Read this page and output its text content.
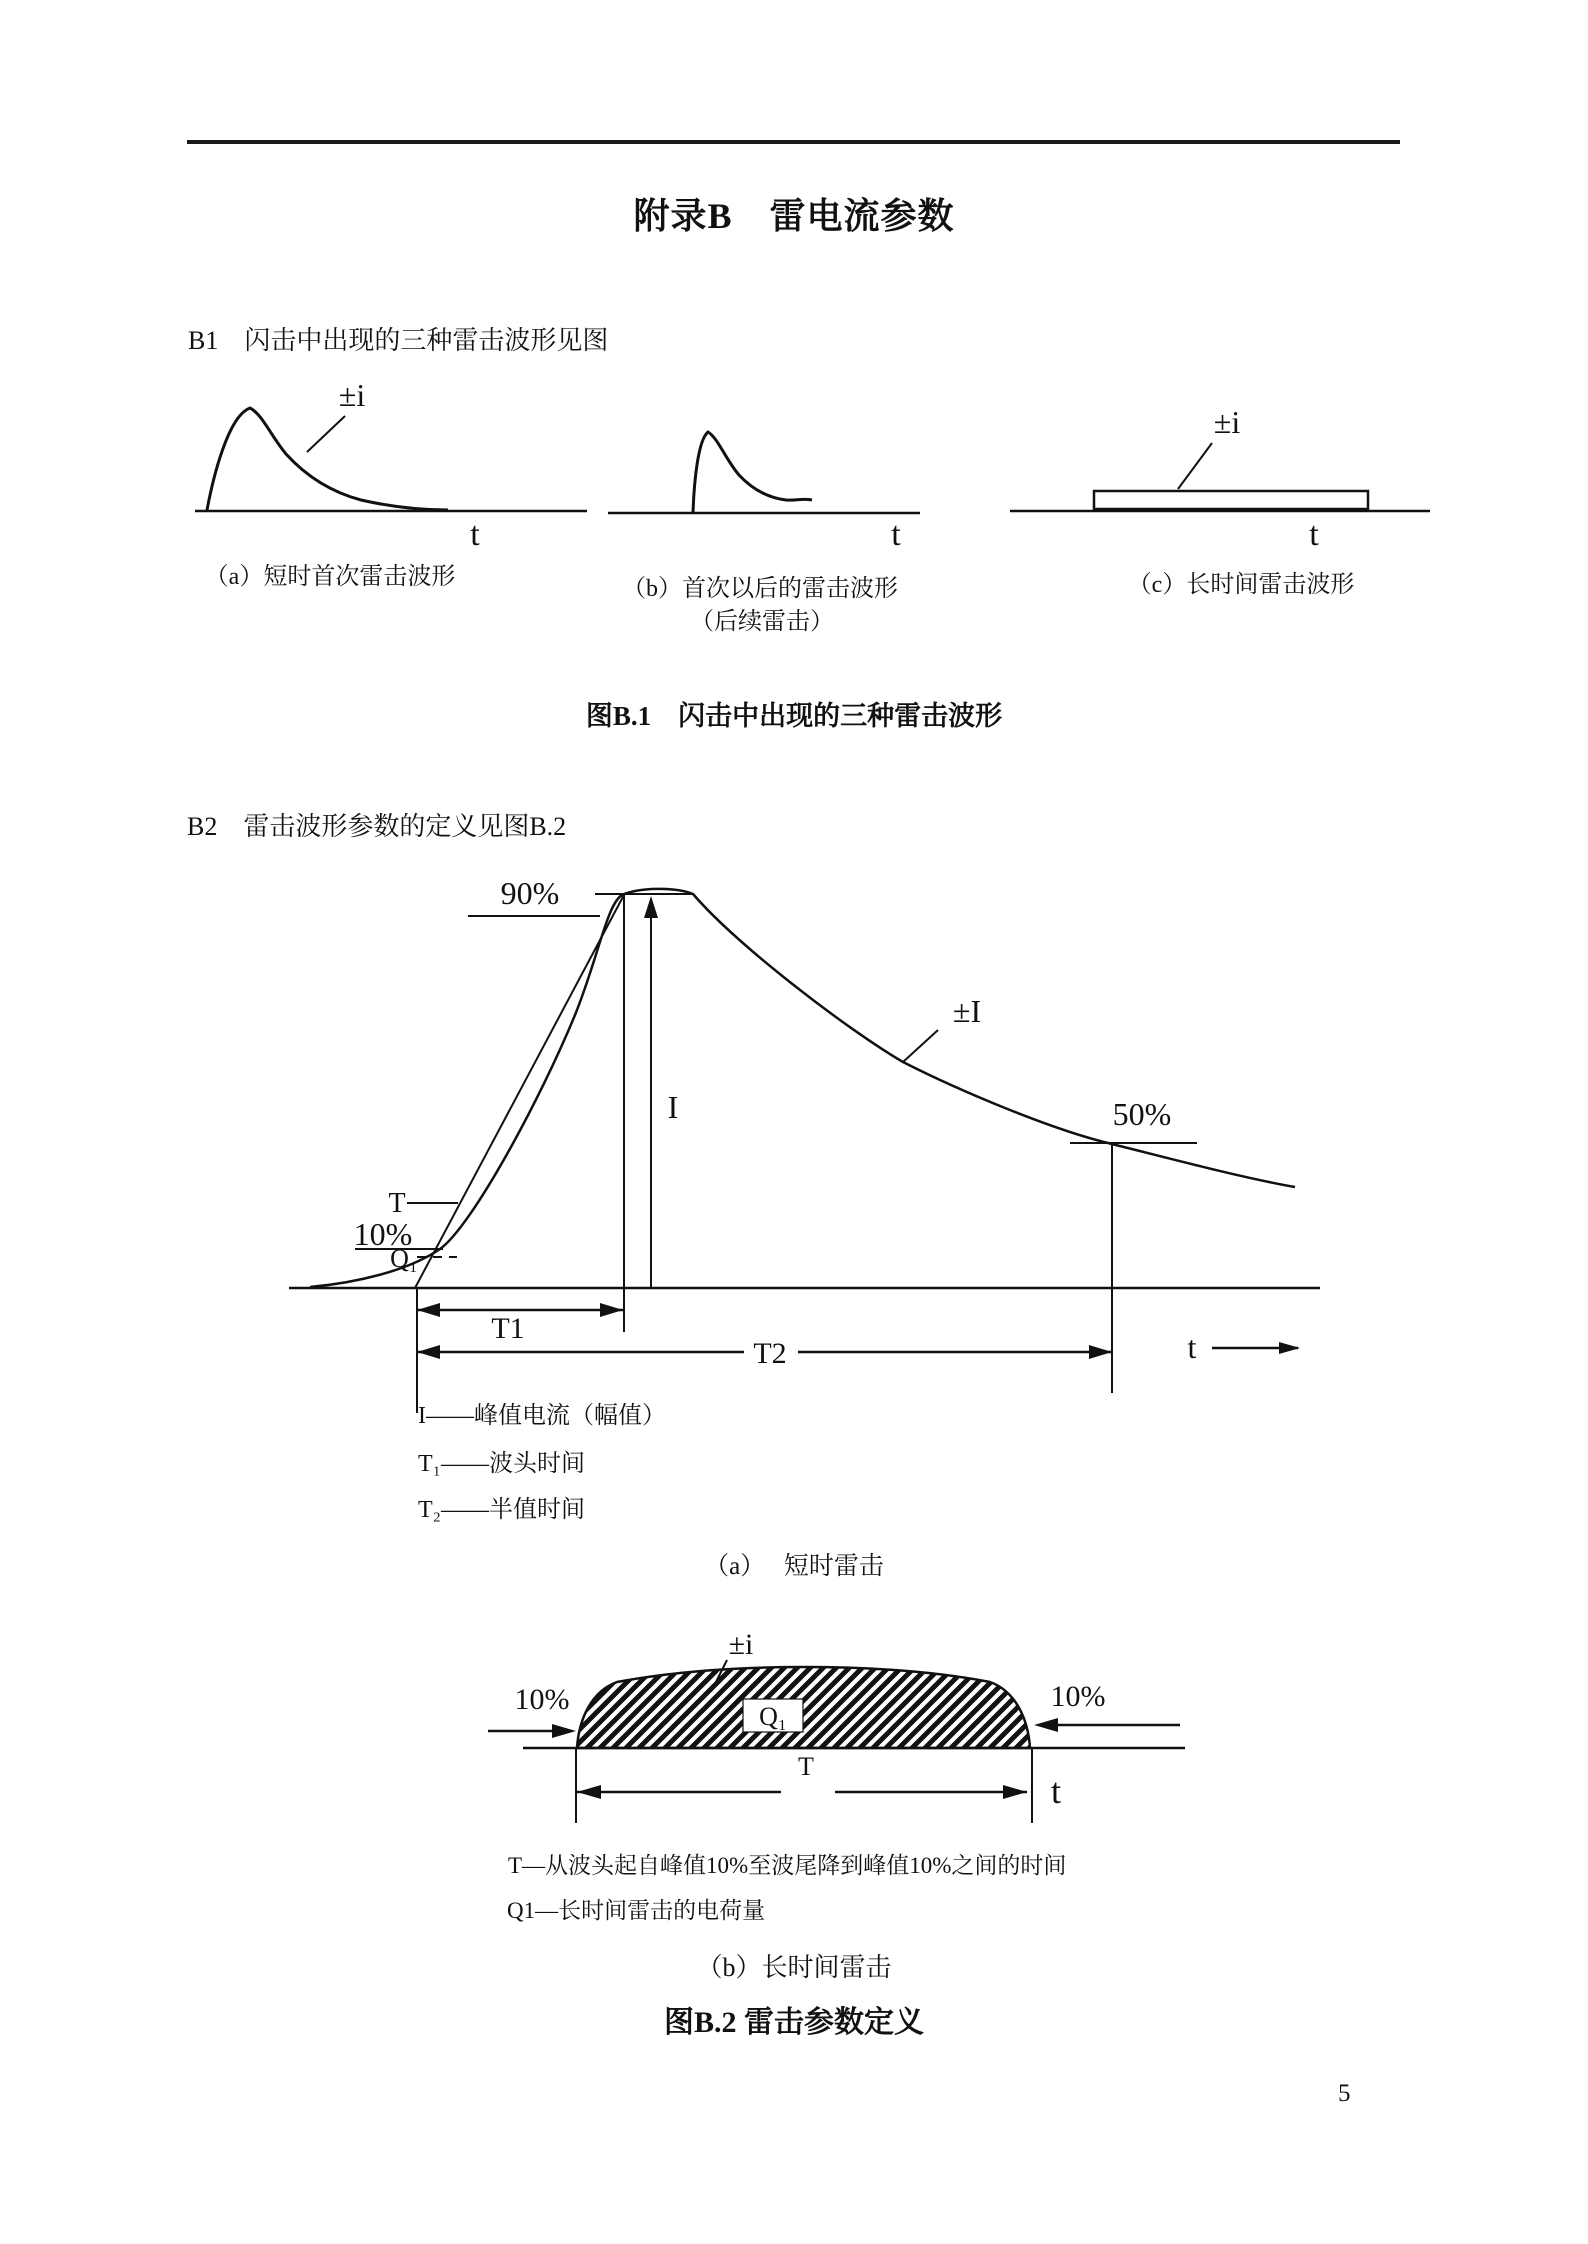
附录B　雷电流参数
B1　闪击中出现的三种雷击波形见图
±i
t
（a）短时首次雷击波形
t
（b）首次以后的雷击波形
（后续雷击）
±i
t
（c）长时间雷击波形
图B.1　闪击中出现的三种雷击波形
B2　雷击波形参数的定义见图B.2
90%
±I
I	50%
T
10%
Q₁
T1
T2	t
I——峰值电流（幅值）
T₁——波头时间
T₂——半值时间
（a）　 短时雷击
±i
10%	10%
Q₁
T
t
T—从波头起自峰值10%至波尾降到峰值10%之间的时间
Q1—长时间雷击的电荷量
（b）长时间雷击
图B.2 雷击参数定义
5
